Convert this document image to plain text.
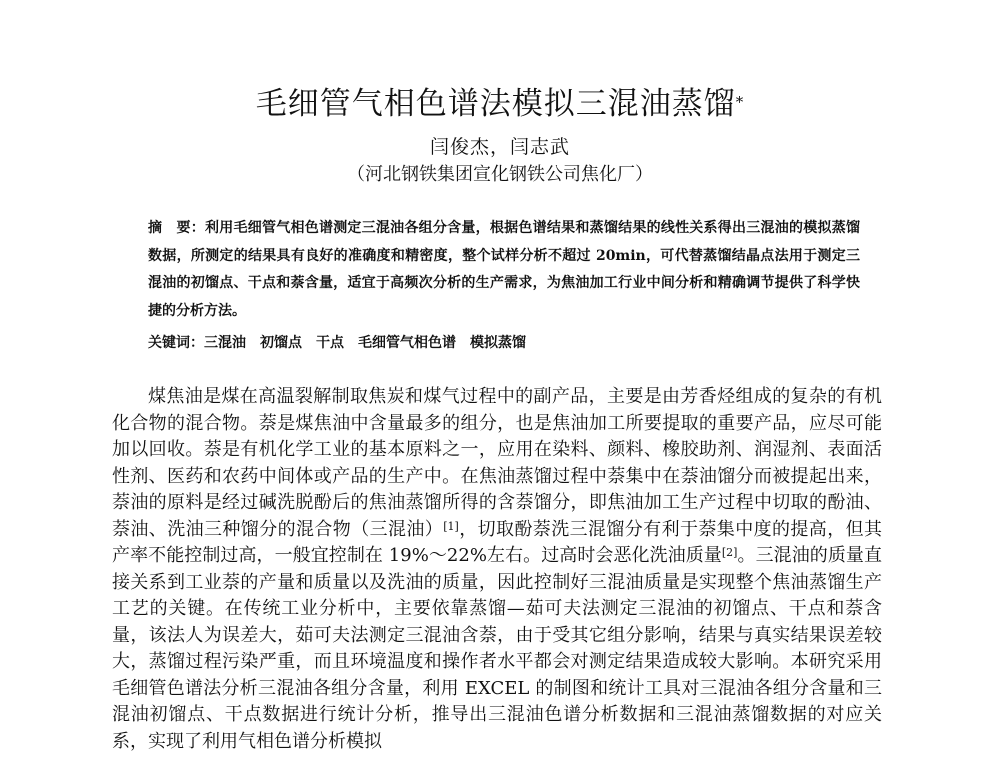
毛细管气相色谱法模拟三混油蒸馏*
闫俊杰，闫志武
（河北钢铁集团宣化钢铁公司焦化厂）
摘　要：利用毛细管气相色谱测定三混油各组分含量，根据色谱结果和蒸馏结果的线性关系得出三混油的模拟蒸馏数据，所测定的结果具有良好的准确度和精密度，整个试样分析不超过 20min，可代替蒸馏结晶点法用于测定三混油的初馏点、干点和萘含量，适宜于高频次分析的生产需求，为焦油加工行业中间分析和精确调节提供了科学快捷的分析方法。
关键词：三混油 初馏点 干点 毛细管气相色谱 模拟蒸馏
煤焦油是煤在高温裂解制取焦炭和煤气过程中的副产品，主要是由芳香烃组成的复杂的有机化合物的混合物。萘是煤焦油中含量最多的组分，也是焦油加工所要提取的重要产品，应尽可能加以回收。萘是有机化学工业的基本原料之一，应用在染料、颜料、橡胶助剂、润湿剂、表面活性剂、医药和农药中间体或产品的生产中。在焦油蒸馏过程中萘集中在萘油馏分而被提起出来，萘油的原料是经过碱洗脱酚后的焦油蒸馏所得的含萘馏分，即焦油加工生产过程中切取的酚油、萘油、洗油三种馏分的混合物（三混油）[1]，切取酚萘洗三混馏分有利于萘集中度的提高，但其产率不能控制过高，一般宜控制在 19%～22%左右。过高时会恶化洗油质量[2]。三混油的质量直接关系到工业萘的产量和质量以及洗油的质量，因此控制好三混油质量是实现整个焦油蒸馏生产工艺的关键。在传统工业分析中，主要依靠蒸馏—茹可夫法测定三混油的初馏点、干点和萘含量，该法人为误差大，茹可夫法测定三混油含萘，由于受其它组分影响，结果与真实结果误差较大，蒸馏过程污染严重，而且环境温度和操作者水平都会对测定结果造成较大影响。本研究采用毛细管色谱法分析三混油各组分含量，利用 EXCEL 的制图和统计工具对三混油各组分含量和三混油初馏点、干点数据进行统计分析，推导出三混油色谱分析数据和三混油蒸馏数据的对应关系，实现了利用气相色谱分析模拟
